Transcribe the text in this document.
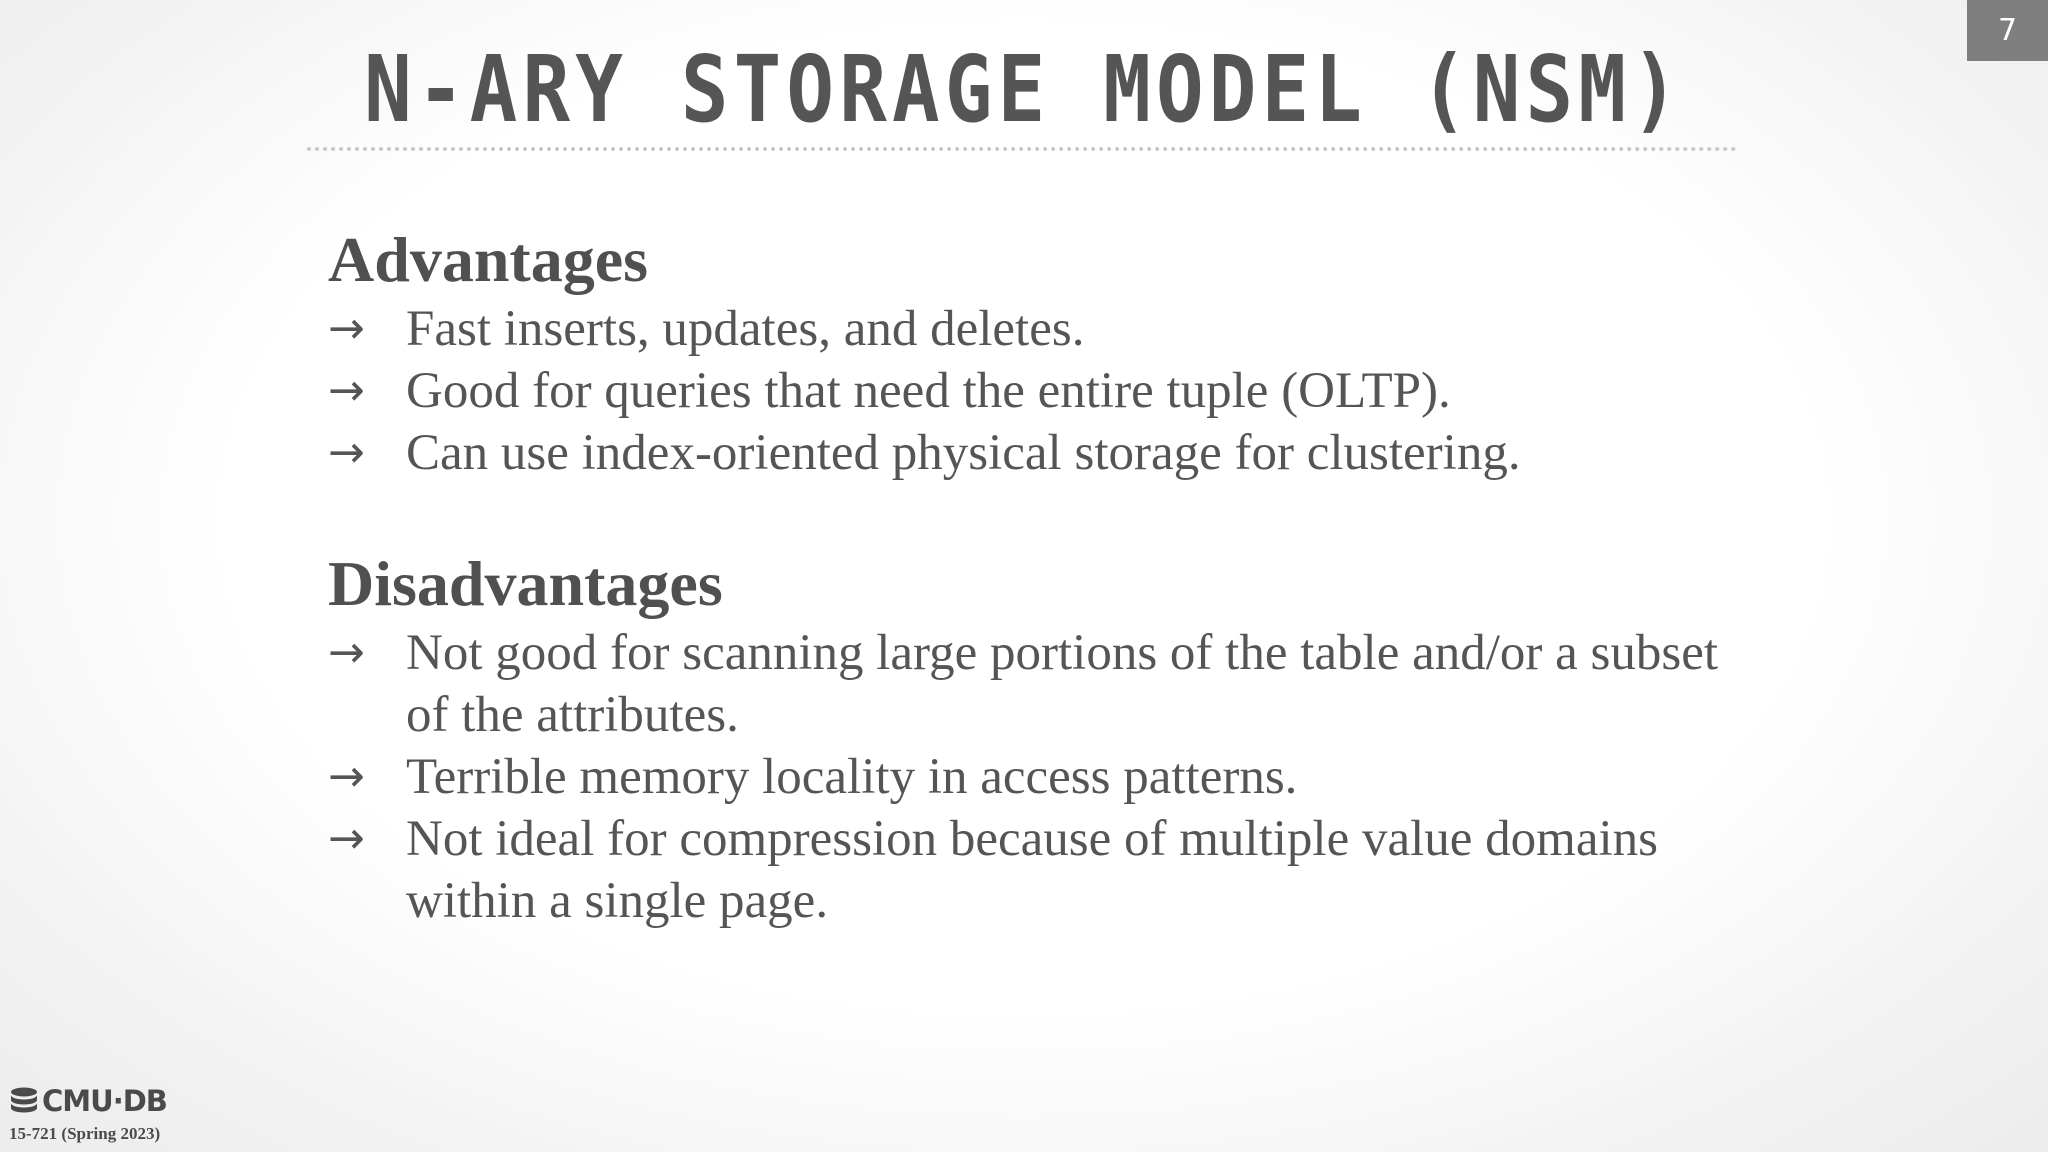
7
N-ARY STORAGE MODEL (NSM)
Advantages
→ Fast inserts, updates, and deletes.
→ Good for queries that need the entire tuple (OLTP).
→ Can use index-oriented physical storage for clustering.
Disadvantages
→ Not good for scanning large portions of the table and/or a subset of the attributes.
→ Terrible memory locality in access patterns.
→ Not ideal for compression because of multiple value domains within a single page.
CMU·DB
15-721 (Spring 2023)
